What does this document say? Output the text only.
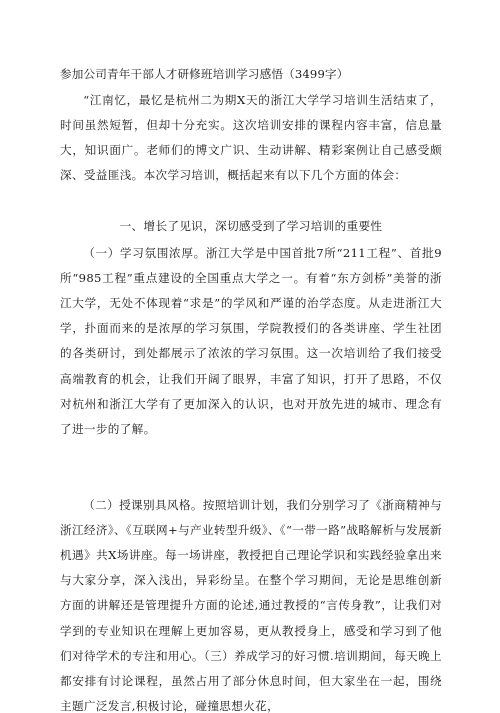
参加公司青年干部人才研修班培训学习感悟（3499字）

“江南忆，最忆是杭州二为期X天的浙江大学学习培训生活结束了，时间虽然短暂，但却十分充实。这次培训安排的课程内容丰富，信息量大，知识面广。老师们的博文广识、生动讲解、精彩案例让自己感受颇深、受益匪浅。本次学习培训，概括起来有以下几个方面的体会：

一、增长了见识，深切感受到了学习培训的重要性

（一）学习氛围浓厚。浙江大学是中国首批7所“211工程”、首批9所“985工程”重点建设的全国重点大学之一。有着“东方剑桥”美誉的浙江大学，无处不体现着“求是”的学风和严谨的治学态度。从走进浙江大学，扑面而来的是浓厚的学习氛围，学院教授们的各类讲座、学生社团的各类研讨，到处都展示了浓浓的学习氛围。这一次培训给了我们接受高端教育的机会，让我们开阔了眼界，丰富了知识，打开了思路，不仅对杭州和浙江大学有了更加深入的认识，也对开放先进的城市、理念有了进一步的了解。

（二）授课别具风格。按照培训计划，我们分别学习了《浙商精神与浙江经济》、《互联网+与产业转型升级》、《“一带一路”战略解析与发展新机遇》共X场讲座。每一场讲座，教授把自己理论学识和实践经验拿出来与大家分享，深入浅出，异彩纷呈。在整个学习期间，无论是思维创新方面的讲解还是管理提升方面的论述,通过教授的“言传身教”，让我们对学到的专业知识在理解上更加容易，更从教授身上，感受和学习到了他们对待学术的专注和用心。（三）养成学习的好习惯.培训期间，每天晚上都安排有讨论课程，虽然占用了部分休息时间，但大家坐在一起，围绕主题广泛发言,积极讨论，碰撞思想火花，
